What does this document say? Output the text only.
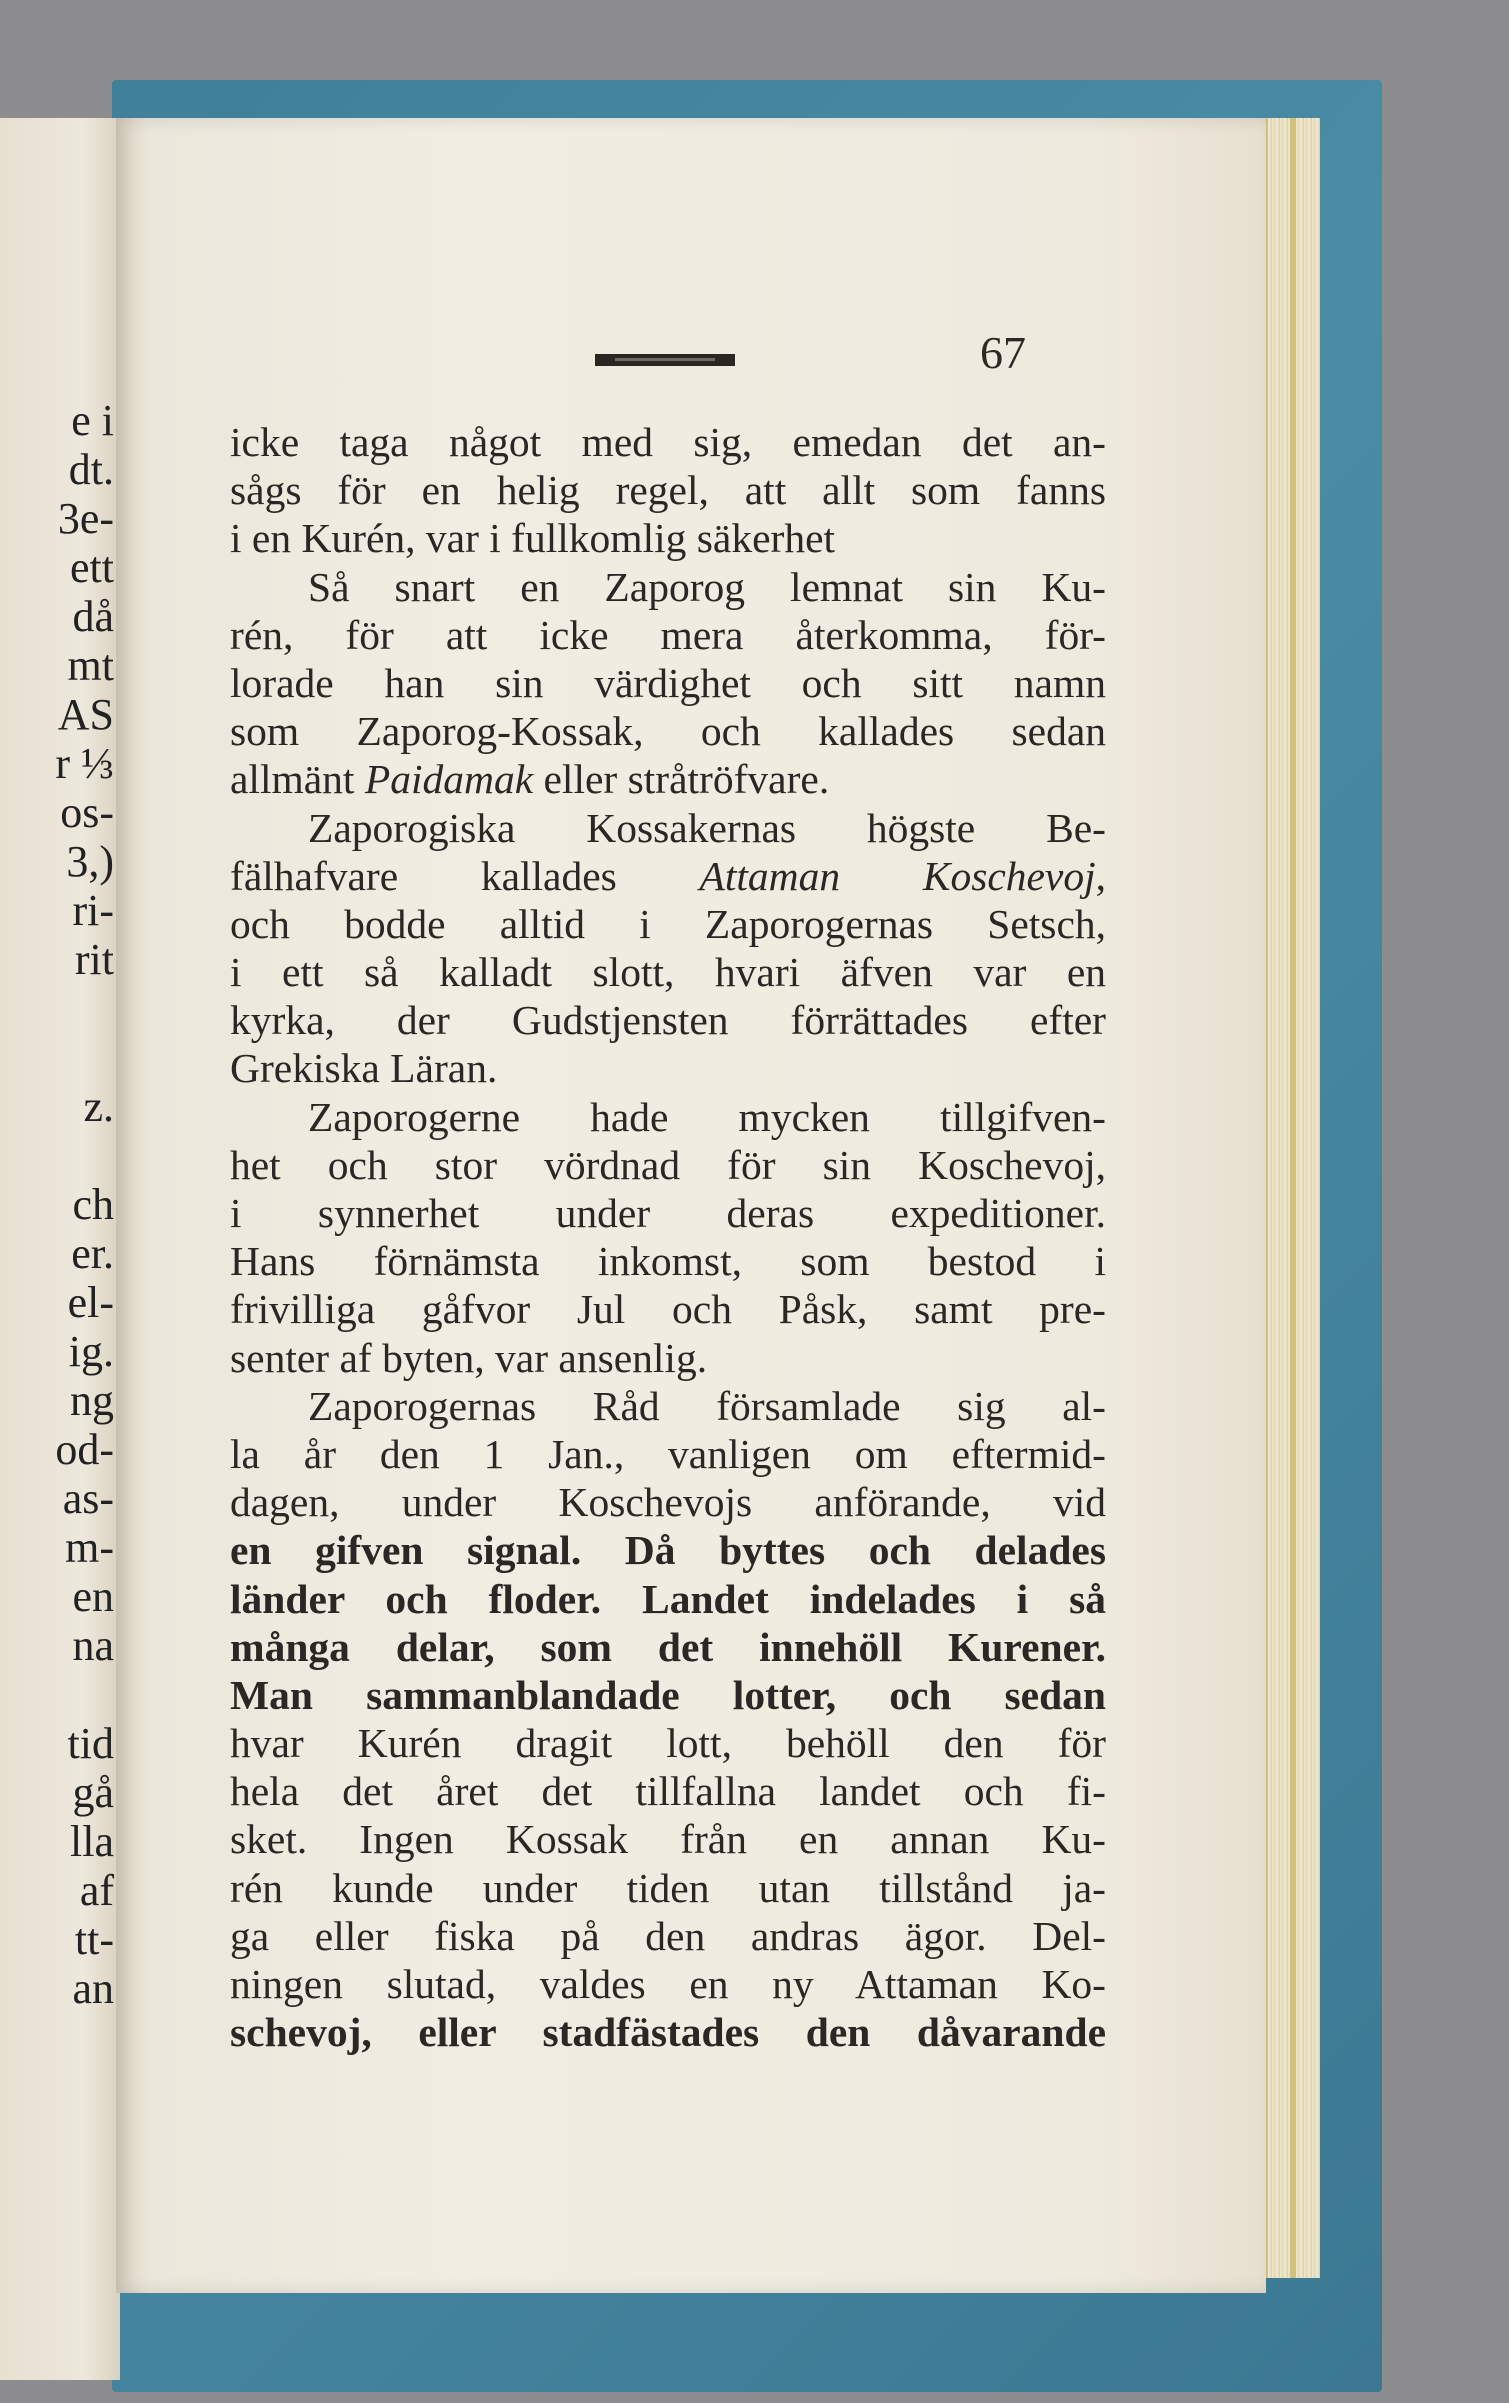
e i
dt.
3e-
ett
då
mt
AS
r ⅓
os-
3,)
ri-
rit
z.
ch
er.
el-
ig.
ng
od-
as-
m-
en
na
tid
gå
lla
af
tt-
an
67
icke taga något med sig, emedan det an-
sågs för en helig regel, att allt som fanns
i en Kurén, var i fullkomlig säkerhet
Så snart en Zaporog lemnat sin Ku-
rén, för att icke mera återkomma, för-
lorade han sin värdighet och sitt namn
som Zaporog-Kossak, och kallades sedan
allmänt Paidamak eller stråtröfvare.
Zaporogiska Kossakernas högste Be-
fälhafvare kallades Attaman Koschevoj,
och bodde alltid i Zaporogernas Setsch,
i ett så kalladt slott, hvari äfven var en
kyrka, der Gudstjensten förrättades efter
Grekiska Läran.
Zaporogerne hade mycken tillgifven-
het och stor vördnad för sin Koschevoj,
i synnerhet under deras expeditioner.
Hans förnämsta inkomst, som bestod i
frivilliga gåfvor Jul och Påsk, samt pre-
senter af byten, var ansenlig.
Zaporogernas Råd församlade sig al-
la år den 1 Jan., vanligen om eftermid-
dagen, under Koschevojs anförande, vid
en gifven signal. Då byttes och delades
länder och floder. Landet indelades i så
många delar, som det innehöll Kurener.
Man sammanblandade lotter, och sedan
hvar Kurén dragit lott, behöll den för
hela det året det tillfallna landet och fi-
sket. Ingen Kossak från en annan Ku-
rén kunde under tiden utan tillstånd ja-
ga eller fiska på den andras ägor. Del-
ningen slutad, valdes en ny Attaman Ko-
schevoj, eller stadfästades den dåvarande
